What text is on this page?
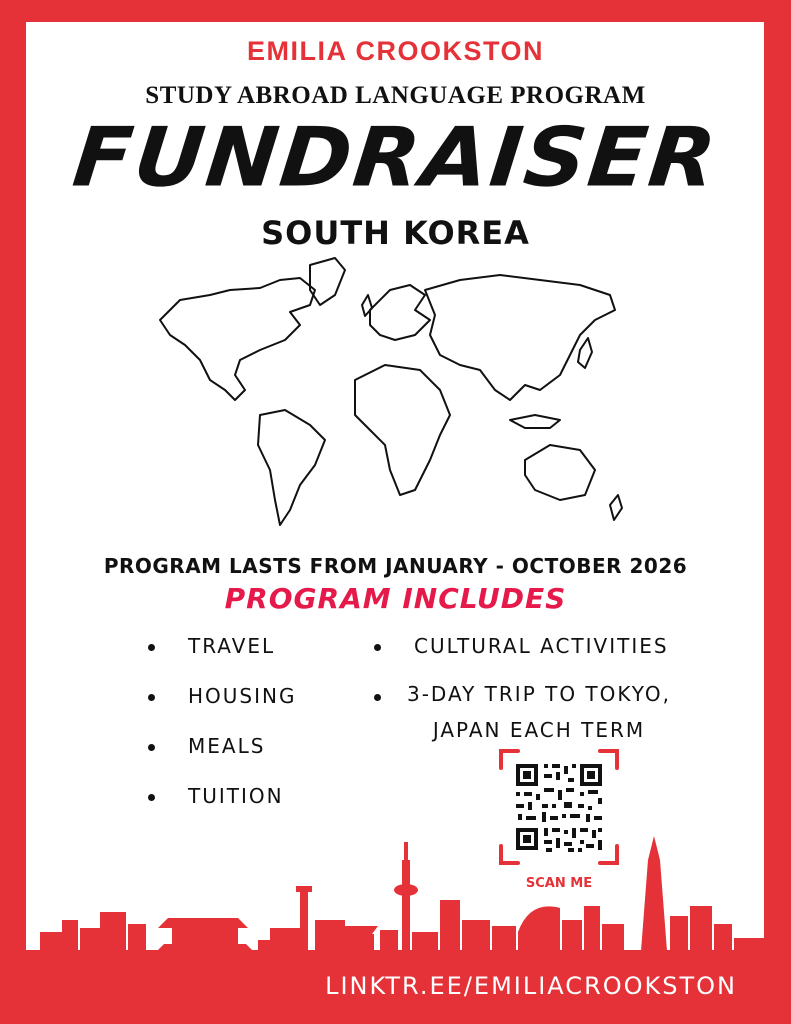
EMILIA CROOKSTON
STUDY ABROAD LANGUAGE PROGRAM
FUNDRAISER
SOUTH KOREA
PROGRAM LASTS FROM JANUARY - OCTOBER 2026
PROGRAM INCLUDES
TRAVEL
HOUSING
MEALS
TUITION
CULTURAL ACTIVITIES
3-DAY TRIP TO TOKYO, JAPAN EACH TERM
SCAN ME
LINKTR.EE/EMILIACROOKSTON
